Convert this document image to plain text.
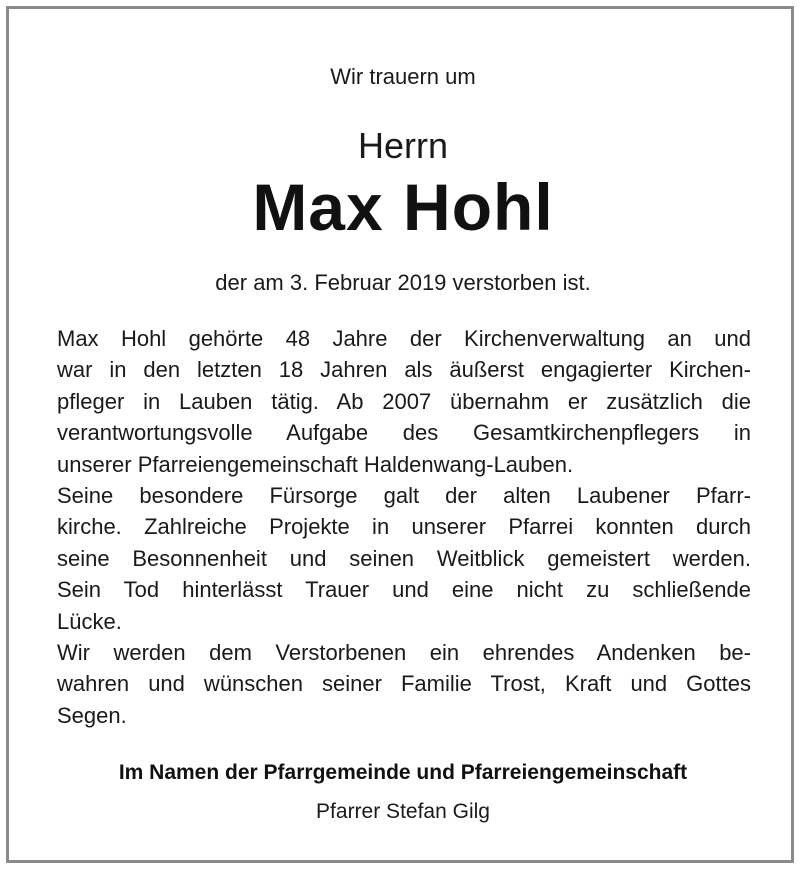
Wir trauern um
Herrn
Max Hohl
der am 3. Februar 2019 verstorben ist.
Max Hohl gehörte 48 Jahre der Kirchenverwaltung an und
war in den letzten 18 Jahren als äußerst engagierter Kirchen-
pfleger in Lauben tätig. Ab 2007 übernahm er zusätzlich die
verantwortungsvolle Aufgabe des Gesamtkirchenpflegers in
unserer Pfarreiengemeinschaft Haldenwang-Lauben.
Seine besondere Fürsorge galt der alten Laubener Pfarr-
kirche. Zahlreiche Projekte in unserer Pfarrei konnten durch
seine Besonnenheit und seinen Weitblick gemeistert werden.
Sein Tod hinterlässt Trauer und eine nicht zu schließende
Lücke.
Wir werden dem Verstorbenen ein ehrendes Andenken be-
wahren und wünschen seiner Familie Trost, Kraft und Gottes
Segen.
Im Namen der Pfarrgemeinde und Pfarreiengemeinschaft
Pfarrer Stefan Gilg
